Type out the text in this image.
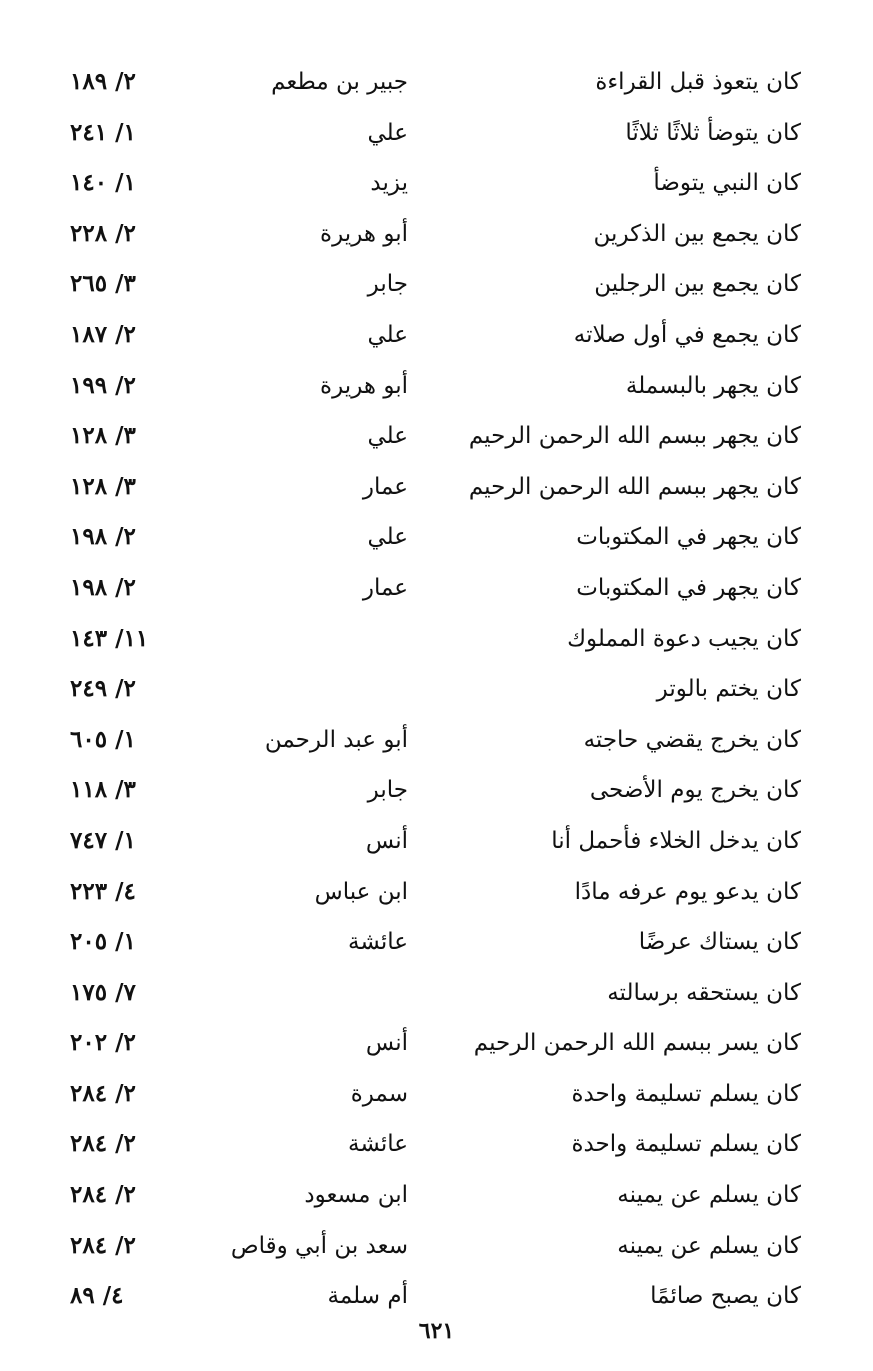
كان يتعوذ قبل القراءة
جبير بن مطعم
٢/ ١٨٩
كان يتوضأ ثلاثًا ثلاثًا
علي
١/ ٢٤١
كان النبي يتوضأ
يزيد
١/ ١٤٠
كان يجمع بين الذكرين
أبو هريرة
٢/ ٢٢٨
كان يجمع بين الرجلين
جابر
٣/ ٢٦٥
كان يجمع في أول صلاته
علي
٢/ ١٨٧
كان يجهر بالبسملة
أبو هريرة
٢/ ١٩٩
كان يجهر ببسم الله الرحمن الرحيم
علي
٣/ ١٢٨
كان يجهر ببسم الله الرحمن الرحيم
عمار
٣/ ١٢٨
كان يجهر في المكتوبات
علي
٢/ ١٩٨
كان يجهر في المكتوبات
عمار
٢/ ١٩٨
كان يجيب دعوة المملوك
١١/ ١٤٣
كان يختم بالوتر
٢/ ٢٤٩
كان يخرج يقضي حاجته
أبو عبد الرحمن
١/ ٦٠٥
كان يخرج يوم الأضحى
جابر
٣/ ١١٨
كان يدخل الخلاء فأحمل أنا
أنس
١/ ٧٤٧
كان يدعو يوم عرفه مادًا
ابن عباس
٤/ ٢٢٣
كان يستاك عرضًا
عائشة
١/ ٢٠٥
كان يستحقه برسالته
٧/ ١٧٥
كان يسر ببسم الله الرحمن الرحيم
أنس
٢/ ٢٠٢
كان يسلم تسليمة واحدة
سمرة
٢/ ٢٨٤
كان يسلم تسليمة واحدة
عائشة
٢/ ٢٨٤
كان يسلم عن يمينه
ابن مسعود
٢/ ٢٨٤
كان يسلم عن يمينه
سعد بن أبي وقاص
٢/ ٢٨٤
كان يصبح صائمًا
أم سلمة
٤/ ٨٩
٦٢١
